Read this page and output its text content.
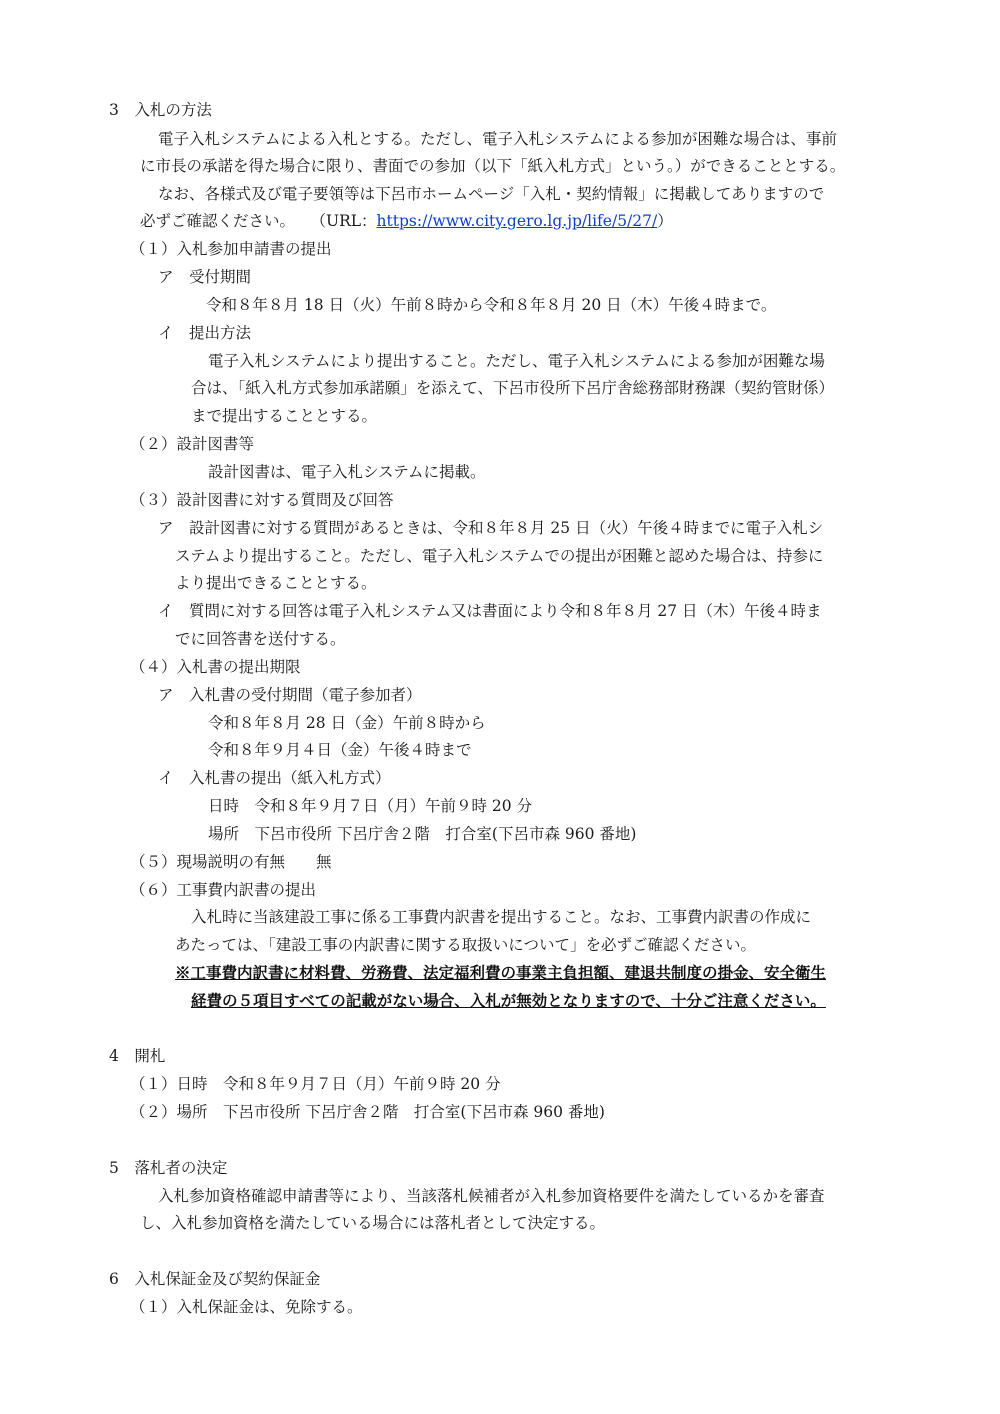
3　入札の方法
電子入札システムによる入札とする。ただし、電子入札システムによる参加が困難な場合は、事前
に市長の承諾を得た場合に限り、書面での参加（以下「紙入札方式」という。）ができることとする。
なお、各様式及び電子要領等は下呂市ホームページ「入札・契約情報」に掲載してありますので
必ずご確認ください。　　（URL：https://www.city.gero.lg.jp/life/5/27/）
（１）入札参加申請書の提出
ア　受付期間
令和８年８月 18 日（火）午前８時から令和８年８月 20 日（木）午後４時まで。
イ　提出方法
電子入札システムにより提出すること。ただし、電子入札システムによる参加が困難な場
合は、「紙入札方式参加承諾願」を添えて、下呂市役所下呂庁舎総務部財務課（契約管財係）
まで提出することとする。
（２）設計図書等
設計図書は、電子入札システムに掲載。
（３）設計図書に対する質問及び回答
ア　設計図書に対する質問があるときは、令和８年８月 25 日（火）午後４時までに電子入札シ
ステムより提出すること。ただし、電子入札システムでの提出が困難と認めた場合は、持参に
より提出できることとする。
イ　質問に対する回答は電子入札システム又は書面により令和８年８月 27 日（木）午後４時ま
でに回答書を送付する。
（４）入札書の提出期限
ア　入札書の受付期間（電子参加者）
令和８年８月 28 日（金）午前８時から
令和８年９月４日（金）午後４時まで
イ　入札書の提出（紙入札方式）
日時　令和８年９月７日（月）午前９時 20 分
場所　下呂市役所 下呂庁舎２階　打合室(下呂市森 960 番地)
（５）現場説明の有無　　無
（６）工事費内訳書の提出
入札時に当該建設工事に係る工事費内訳書を提出すること。なお、工事費内訳書の作成に
あたっては、「建設工事の内訳書に関する取扱いについて」を必ずご確認ください。
※工事費内訳書に材料費、労務費、法定福利費の事業主負担額、建退共制度の掛金、安全衛生
経費の５項目すべての記載がない場合、入札が無効となりますので、十分ご注意ください。
4　開札
（１）日時　令和８年９月７日（月）午前９時 20 分
（２）場所　下呂市役所 下呂庁舎２階　打合室(下呂市森 960 番地)
5　落札者の決定
入札参加資格確認申請書等により、当該落札候補者が入札参加資格要件を満たしているかを審査
し、入札参加資格を満たしている場合には落札者として決定する。
6　入札保証金及び契約保証金
（１）入札保証金は、免除する。
